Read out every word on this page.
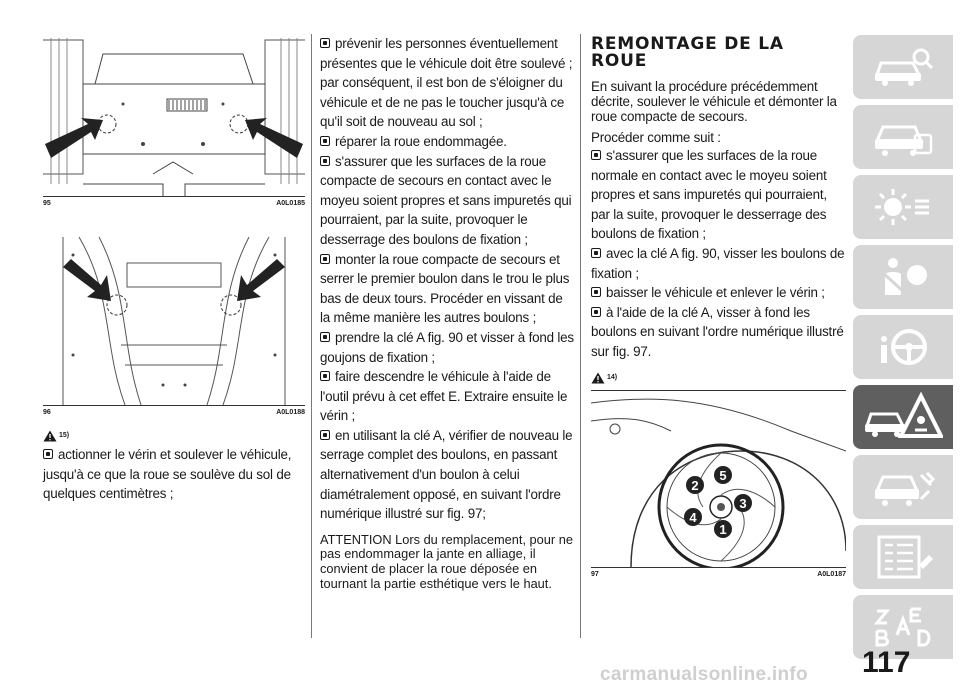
95	A0L0185
96	A0L0188
15)

actionner le vérin et soulever le véhicule, jusqu'à ce que la roue se soulève du sol de quelques centimètres ;

prévenir les personnes éventuellement présentes que le véhicule doit être soulevé ; par conséquent, il est bon de s'éloigner du véhicule et de ne pas le toucher jusqu'à ce qu'il soit de nouveau au sol ;

réparer la roue endommagée.

s'assurer que les surfaces de la roue compacte de secours en contact avec le moyeu soient propres et sans impuretés qui pourraient, par la suite, provoquer le desserrage des boulons de fixation ;

monter la roue compacte de secours et serrer le premier boulon dans le trou le plus bas de deux tours. Procéder en vissant de la même manière les autres boulons ;

prendre la clé A fig. 90 et visser à fond les goujons de fixation ;

faire descendre le véhicule à l'aide de l'outil prévu à cet effet E. Extraire ensuite le vérin ;

en utilisant la clé A, vérifier de nouveau le serrage complet des boulons, en passant alternativement d'un boulon à celui diamétralement opposé, en suivant l'ordre numérique illustré sur fig. 97;

ATTENTION Lors du remplacement, pour ne pas endommager la jante en alliage, il convient de placer la roue déposée en tournant la partie esthétique vers le haut.

REMONTAGE DE LA ROUE

En suivant la procédure précédemment décrite, soulever le véhicule et démonter la roue compacte de secours.

Procéder comme suit :

s'assurer que les surfaces de la roue normale en contact avec le moyeu soient propres et sans impuretés qui pourraient, par la suite, provoquer le desserrage des boulons de fixation ;

avec la clé A fig. 90, visser les boulons de fixation ;

baisser le véhicule et enlever le vérin ;

à l'aide de la clé A, visser à fond les boulons en suivant l'ordre numérique illustré sur fig. 97.

14)
2
5
3
4
1
97	A0L0187
117
carmanualsonline.info
